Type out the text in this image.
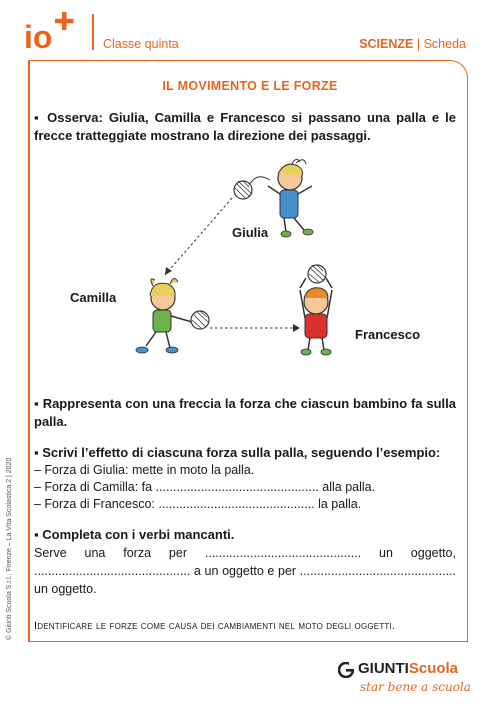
io	Classe quinta	SCIENZE | Scheda
IL MOVIMENTO E LE FORZE
▪ Osserva: Giulia, Camilla e Francesco si passano una palla e le frecce tratteggiate mostrano la direzione dei passaggi.
Giulia
Camilla
Francesco
▪ Rappresenta con una freccia la forza che ciascun bambino fa sulla palla.
▪ Scrivi l’effetto di ciascuna forza sulla palla, seguendo l’esempio:
– Forza di Giulia: mette in moto la palla.
– Forza di Camilla: fa ............................................... alla palla.
– Forza di Francesco: ............................................. la palla.
▪ Completa con i verbi mancanti.
Serve una forza per ............................................. un oggetto, ............................................. a un oggetto e per ............................................. un oggetto.
Identificare le forze come causa dei cambiamenti nel moto degli oggetti.
© Giunti Scuola S.r.l., Firenze – La Vita Scolastica 2 | 2020
GIUNTIScuola
star bene a scuola
